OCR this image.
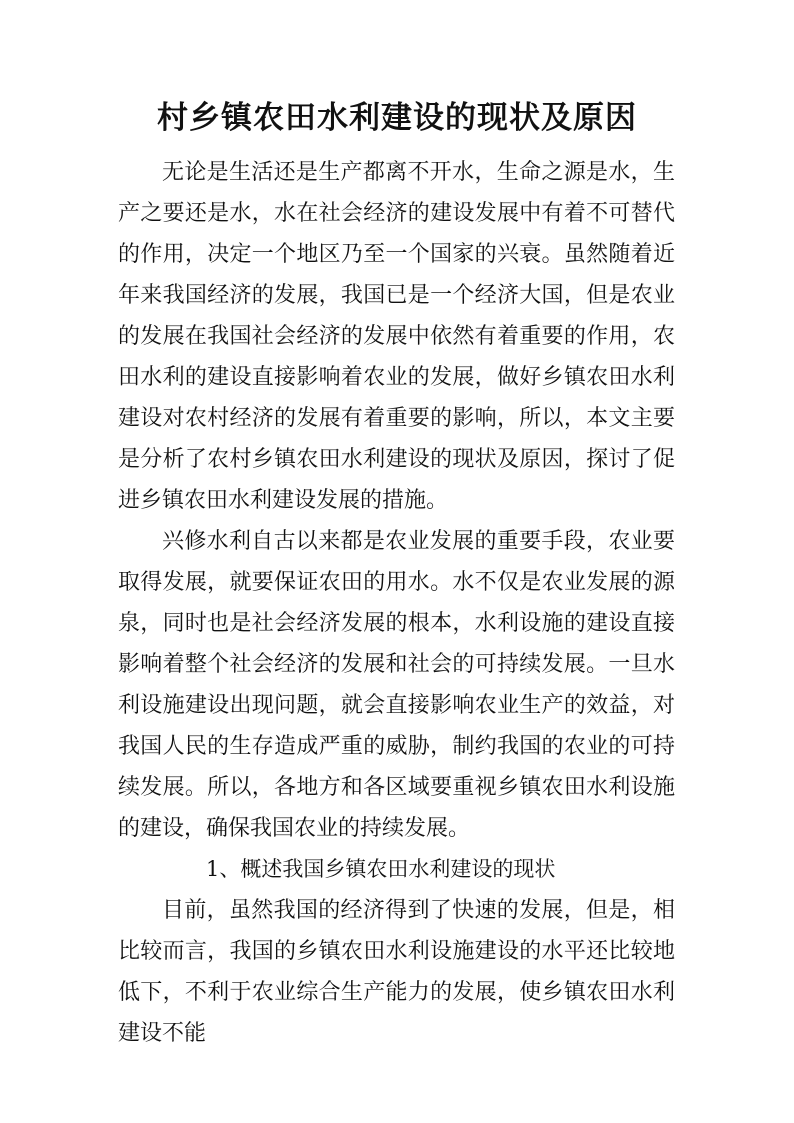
村乡镇农田水利建设的现状及原因

无论是生活还是生产都离不开水，生命之源是水，生产之要还是水，水在社会经济的建设发展中有着不可替代的作用，决定一个地区乃至一个国家的兴衰。虽然随着近年来我国经济的发展，我国已是一个经济大国，但是农业的发展在我国社会经济的发展中依然有着重要的作用，农田水利的建设直接影响着农业的发展，做好乡镇农田水利建设对农村经济的发展有着重要的影响，所以，本文主要是分析了农村乡镇农田水利建设的现状及原因，探讨了促进乡镇农田水利建设发展的措施。

兴修水利自古以来都是农业发展的重要手段，农业要取得发展，就要保证农田的用水。水不仅是农业发展的源泉，同时也是社会经济发展的根本，水利设施的建设直接影响着整个社会经济的发展和社会的可持续发展。一旦水利设施建设出现问题，就会直接影响农业生产的效益，对我国人民的生存造成严重的威胁，制约我国的农业的可持续发展。所以，各地方和各区域要重视乡镇农田水利设施的建设，确保我国农业的持续发展。

1、概述我国乡镇农田水利建设的现状

目前，虽然我国的经济得到了快速的发展，但是，相比较而言，我国的乡镇农田水利设施建设的水平还比较地低下，不利于农业综合生产能力的发展，使乡镇农田水利建设不能
